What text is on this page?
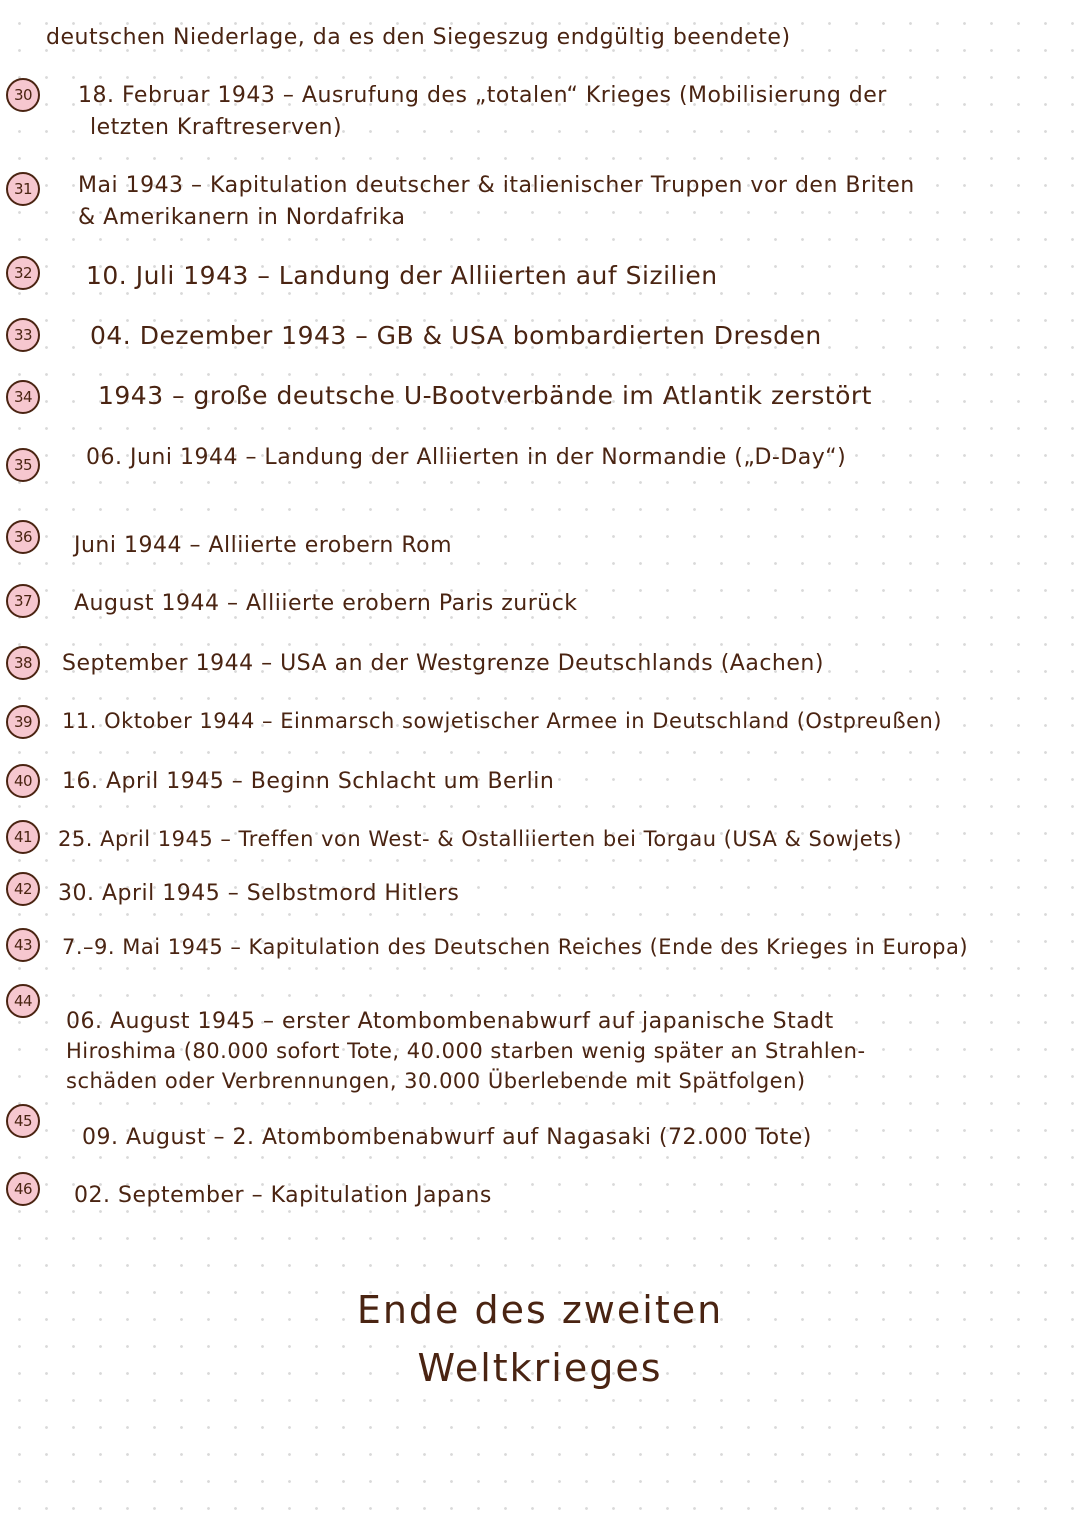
deutschen Niederlage, da es den Siegeszug endgültig beendete)
30	18. Februar 1943 – Ausrufung des „totalen“ Krieges (Mobilisierung der
letzten Kraftreserven)
31	Mai 1943 – Kapitulation deutscher & italienischer Truppen vor den Briten
& Amerikanern in Nordafrika
32	10. Juli 1943 – Landung der Alliierten auf Sizilien
33	04. Dezember 1943 – GB & USA bombardierten Dresden
34	1943 – große deutsche U-Bootverbände im Atlantik zerstört
35	06. Juni 1944 – Landung der Alliierten in der Normandie („D-Day“)
36	Juni 1944 – Alliierte erobern Rom
37	August 1944 – Alliierte erobern Paris zurück
38	September 1944 – USA an der Westgrenze Deutschlands (Aachen)
39	11. Oktober 1944 – Einmarsch sowjetischer Armee in Deutschland (Ostpreußen)
40	16. April 1945 – Beginn Schlacht um Berlin
41	25. April 1945 – Treffen von West- & Ostalliierten bei Torgau (USA & Sowjets)
42	30. April 1945 – Selbstmord Hitlers
43	7.–9. Mai 1945 – Kapitulation des Deutschen Reiches (Ende des Krieges in Europa)
44
06. August 1945 – erster Atombombenabwurf auf japanische Stadt
Hiroshima (80.000 sofort Tote, 40.000 starben wenig später an Strahlen-
schäden oder Verbrennungen, 30.000 Überlebende mit Spätfolgen)
45
09. August – 2. Atombombenabwurf auf Nagasaki (72.000 Tote)
46	02. September – Kapitulation Japans
Ende des zweiten
Weltkrieges
